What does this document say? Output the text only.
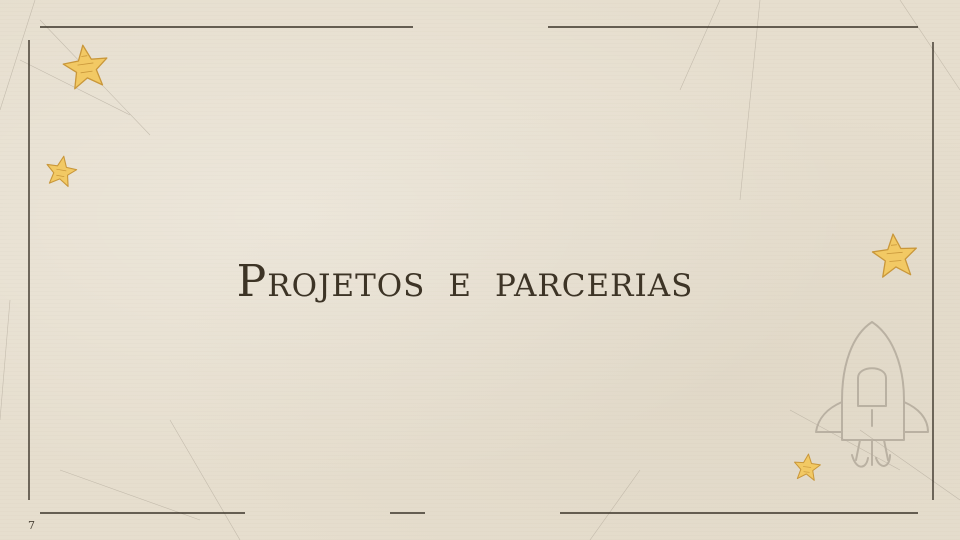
Projetos e parcerias
7
